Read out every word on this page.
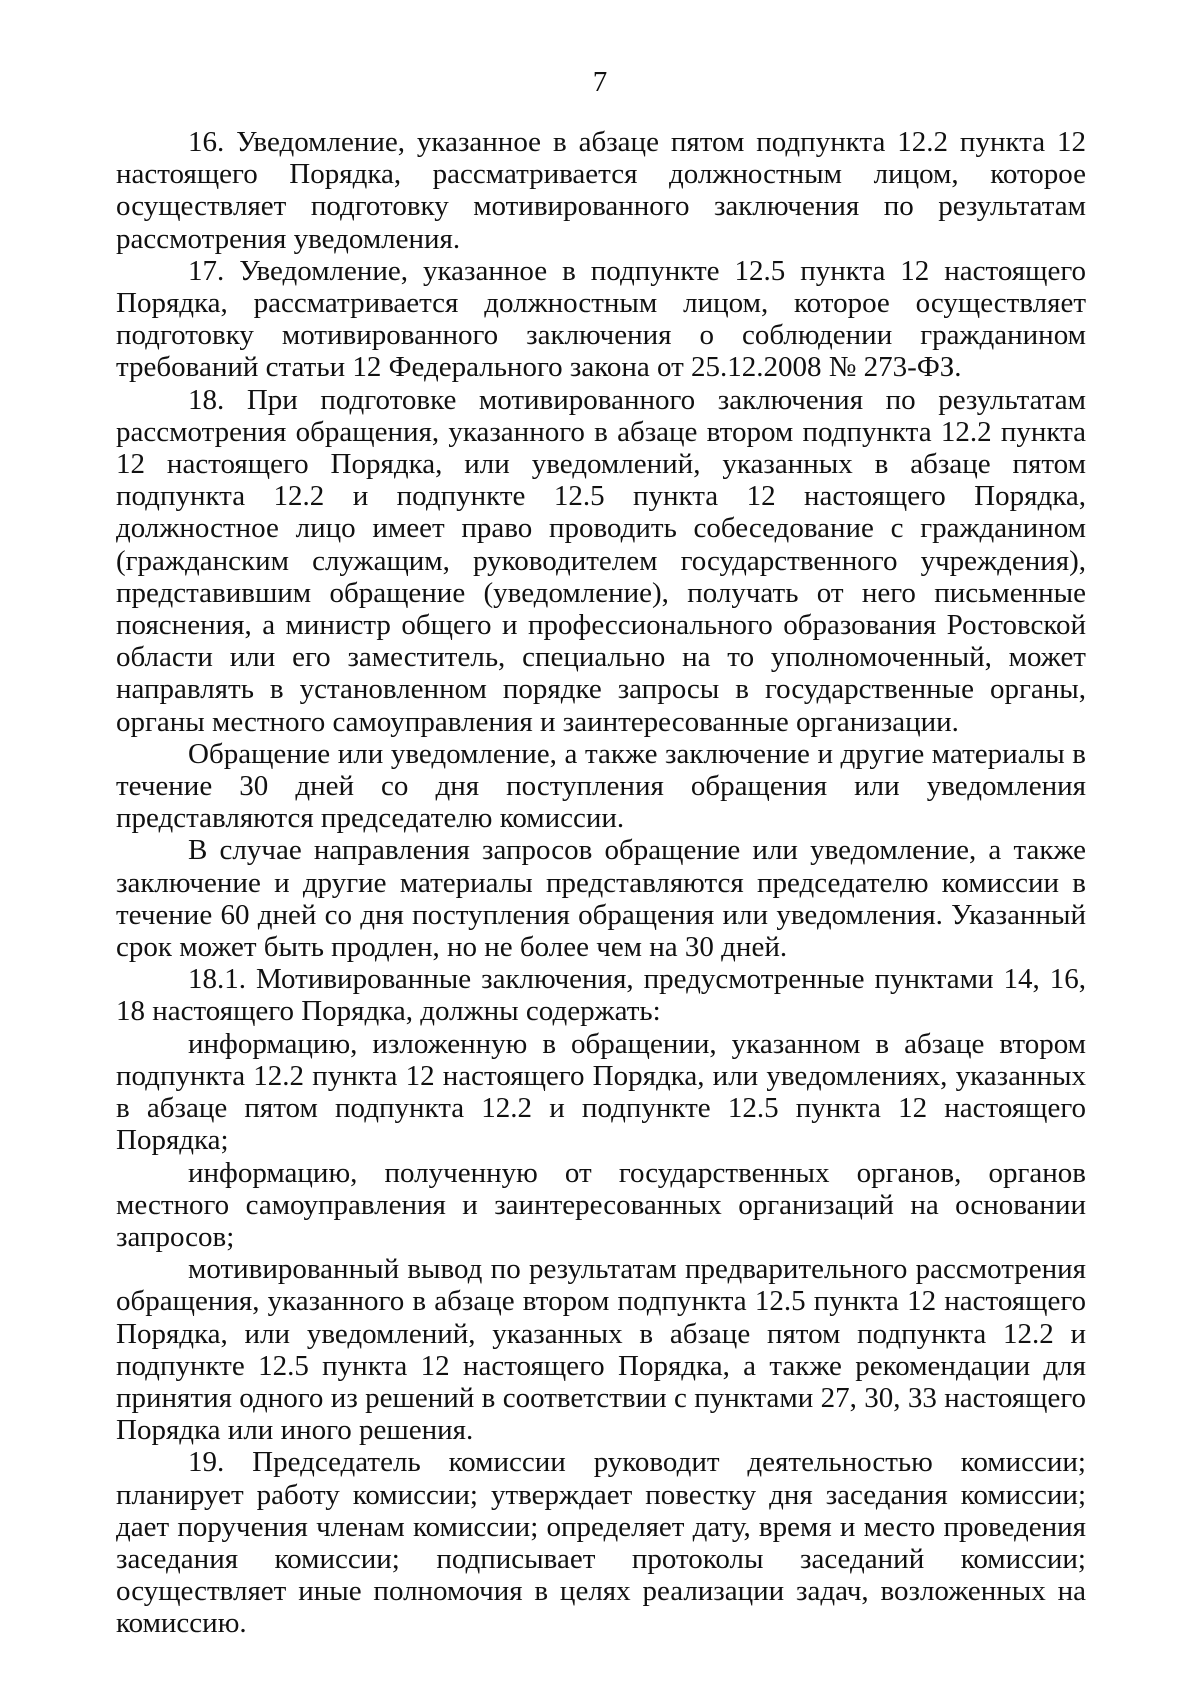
7

16. Уведомление, указанное в абзаце пятом подпункта 12.2 пункта 12 настоящего Порядка, рассматривается должностным лицом, которое осуществляет подготовку мотивированного заключения по результатам рассмотрения уведомления.

17. Уведомление, указанное в подпункте 12.5 пункта 12 настоящего Порядка, рассматривается должностным лицом, которое осуществляет подготовку мотивированного заключения о соблюдении гражданином требований статьи 12 Федерального закона от 25.12.2008 № 273-ФЗ.

18. При подготовке мотивированного заключения по результатам рассмотрения обращения, указанного в абзаце втором подпункта 12.2 пункта 12 настоящего Порядка, или уведомлений, указанных в абзаце пятом подпункта 12.2 и подпункте 12.5 пункта 12 настоящего Порядка, должностное лицо имеет право проводить собеседование с гражданином (гражданским служащим, руководителем государственного учреждения), представившим обращение (уведомление), получать от него письменные пояснения, а министр общего и профессионального образования Ростовской области или его заместитель, специально на то уполномоченный, может направлять в установленном порядке запросы в государственные органы, органы местного самоуправления и заинтересованные организации.

Обращение или уведомление, а также заключение и другие материалы в течение 30 дней со дня поступления обращения или уведомления представляются председателю комиссии.

В случае направления запросов обращение или уведомление, а также заключение и другие материалы представляются председателю комиссии в течение 60 дней со дня поступления обращения или уведомления. Указанный срок может быть продлен, но не более чем на 30 дней.

18.1. Мотивированные заключения, предусмотренные пунктами 14, 16, 18 настоящего Порядка, должны содержать:

информацию, изложенную в обращении, указанном в абзаце втором подпункта 12.2 пункта 12 настоящего Порядка, или уведомлениях, указанных в абзаце пятом подпункта 12.2 и подпункте 12.5 пункта 12 настоящего Порядка;

информацию, полученную от государственных органов, органов местного самоуправления и заинтересованных организаций на основании запросов;

мотивированный вывод по результатам предварительного рассмотрения обращения, указанного в абзаце втором подпункта 12.5 пункта 12 настоящего Порядка, или уведомлений, указанных в абзаце пятом подпункта 12.2 и подпункте 12.5 пункта 12 настоящего Порядка, а также рекомендации для принятия одного из решений в соответствии с пунктами 27, 30, 33 настоящего Порядка или иного решения.

19. Председатель комиссии руководит деятельностью комиссии; планирует работу комиссии; утверждает повестку дня заседания комиссии; дает поручения членам комиссии; определяет дату, время и место проведения заседания комиссии; подписывает протоколы заседаний комиссии; осуществляет иные полномочия в целях реализации задач, возложенных на комиссию.
